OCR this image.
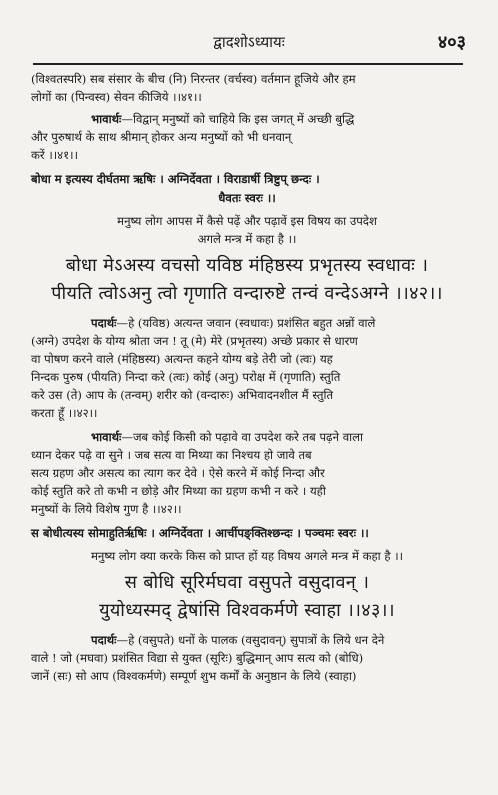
द्वादशोऽध्यायः	४०३

(विश्वतस्परि) सब संसार के बीच (नि) निरन्तर (वर्चस्व) वर्तमान हूजिये और हम

लोगों का (पिन्वस्व) सेवन कीजिये ।।४१।।

भावार्थः—विद्वान् मनुष्यों को चाहिये कि इस जगत् में अच्छी बुद्धि

और पुरुषार्थ के साथ श्रीमान् होकर अन्य मनुष्यों को भी धनवान्

करें ।।४१।।

बोधा म इत्यस्य दीर्घतमा ऋषिः । अग्निर्देवता । विराडार्षी त्रिष्टुप् छन्दः ।
धैवतः स्वरः ।।

मनुष्य लोग आपस में कैसे पढ़ें और पढ़ावें इस विषय का उपदेश

अगले मन्त्र में कहा है ।।

बोधा मेऽअस्य वचसो यविष्ठ मंहिष्ठस्य प्रभृतस्य स्वधावः ।

पीयति त्वोऽअनु त्वो गृणाति वन्दारुष्टे तन्वं वन्देऽअग्ने ।।४२।।

पदार्थः—हे (यविष्ठ) अत्यन्त जवान (स्वधावः) प्रशंसित बहुत अन्नों वाले

(अग्ने) उपदेश के योग्य श्रोता जन ! तू (मे) मेरे (प्रभृतस्य) अच्छे प्रकार से धारण

वा पोषण करने वाले (मंहिष्ठस्य) अत्यन्त कहने योग्य बड़े तेरी जो (त्वः) यह

निन्दक पुरुष (पीयति) निन्दा करे (त्वः) कोई (अनु) परोक्ष में (गृणाति) स्तुति

करे उस (ते) आप के (तन्वम्) शरीर को (वन्दारुः) अभिवादनशील मैं स्तुति

करता हूँ ।।४२।।

भावार्थः—जब कोई किसी को पढ़ावे वा उपदेश करे तब पढ़ने वाला

ध्यान देकर पढ़े वा सुने । जब सत्य वा मिथ्या का निश्चय हो जावे तब

सत्य ग्रहण और असत्य का त्याग कर देवे । ऐसे करने में कोई निन्दा और

कोई स्तुति करे तो कभी न छोड़े और मिथ्या का ग्रहण कभी न करे । यही

मनुष्यों के लिये विशेष गुण है ।।४२।।

स बोधीत्यस्य सोमाहुतिर्ऋषिः । अग्निर्देवता । आर्चीपङ्क्तिश्छन्दः । पञ्चमः स्वरः ।।

मनुष्य लोग क्या करके किस को प्राप्त हों यह विषय अगले मन्त्र में कहा है ।।

स बोधि सूरिर्मघवा वसुपते वसुदावन् ।

युयोध्यस्मद् द्वेषांसि विश्वकर्मणे स्वाहा ।।४३।।

पदार्थः—हे (वसुपते) धनों के पालक (वसुदावन्) सुपात्रों के लिये धन देने

वाले ! जो (मघवा) प्रशंसित विद्या से युक्त (सूरिः) बुद्धिमान् आप सत्य को (बोधि)

जानें (सः) सो आप (विश्वकर्मणे) सम्पूर्ण शुभ कर्मों के अनुष्ठान के लिये (स्वाहा)
